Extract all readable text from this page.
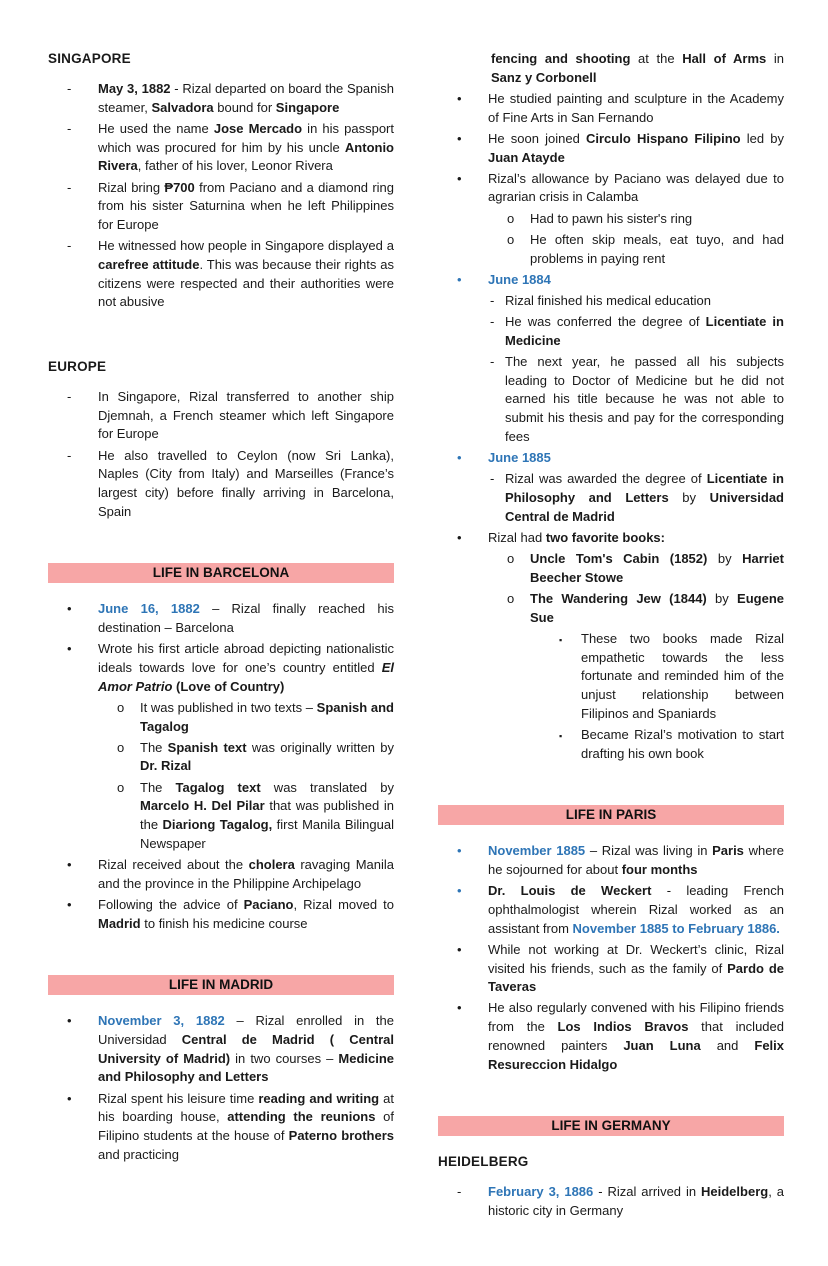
SINGAPORE
- May 3, 1882 - Rizal departed on board the Spanish steamer, Salvadora bound for Singapore
- He used the name Jose Mercado in his passport which was procured for him by his uncle Antonio Rivera, father of his lover, Leonor Rivera
- Rizal bring ₱700 from Paciano and a diamond ring from his sister Saturnina when he left Philippines for Europe
- He witnessed how people in Singapore displayed a carefree attitude. This was because their rights as citizens were respected and their authorities were not abusive
EUROPE
- In Singapore, Rizal transferred to another ship Djemnah, a French steamer which left Singapore for Europe
- He also travelled to Ceylon (now Sri Lanka), Naples (City from Italy) and Marseilles (France’s largest city) before finally arriving in Barcelona, Spain
LIFE IN BARCELONA
• June 16, 1882 – Rizal finally reached his destination – Barcelona
• Wrote his first article abroad depicting nationalistic ideals towards love for one’s country entitled El Amor Patrio (Love of Country)
o It was published in two texts – Spanish and Tagalog
o The Spanish text was originally written by Dr. Rizal
o The Tagalog text was translated by Marcelo H. Del Pilar that was published in the Diariong Tagalog, first Manila Bilingual Newspaper
• Rizal received about the cholera ravaging Manila and the province in the Philippine Archipelago
• Following the advice of Paciano, Rizal moved to Madrid to finish his medicine course
LIFE IN MADRID
• November 3, 1882 – Rizal enrolled in the Universidad Central de Madrid ( Central University of Madrid) in two courses – Medicine and Philosophy and Letters
• Rizal spent his leisure time reading and writing at his boarding house, attending the reunions of Filipino students at the house of Paterno brothers and practicing
fencing and shooting at the Hall of Arms in Sanz y Corbonell
• He studied painting and sculpture in the Academy of Fine Arts in San Fernando
• He soon joined Circulo Hispano Filipino led by Juan Atayde
• Rizal’s allowance by Paciano was delayed due to agrarian crisis in Calamba
o Had to pawn his sister's ring
o He often skip meals, eat tuyo, and had problems in paying rent
• June 1884
- Rizal finished his medical education
- He was conferred the degree of Licentiate in Medicine
- The next year, he passed all his subjects leading to Doctor of Medicine but he did not earned his title because he was not able to submit his thesis and pay for the corresponding fees
• June 1885
- Rizal was awarded the degree of Licentiate in Philosophy and Letters by Universidad Central de Madrid
• Rizal had two favorite books:
o Uncle Tom's Cabin (1852) by Harriet Beecher Stowe
o The Wandering Jew (1844) by Eugene Sue
▪ These two books made Rizal empathetic towards the less fortunate and reminded him of the unjust relationship between Filipinos and Spaniards
▪ Became Rizal’s motivation to start drafting his own book
LIFE IN PARIS
• November 1885 – Rizal was living in Paris where he sojourned for about four months
• Dr. Louis de Weckert - leading French ophthalmologist wherein Rizal worked as an assistant from November 1885 to February 1886.
• While not working at Dr. Weckert’s clinic, Rizal visited his friends, such as the family of Pardo de Taveras
• He also regularly convened with his Filipino friends from the Los Indios Bravos that included renowned painters Juan Luna and Felix Resureccion Hidalgo
LIFE IN GERMANY
HEIDELBERG
- February 3, 1886 - Rizal arrived in Heidelberg, a historic city in Germany
